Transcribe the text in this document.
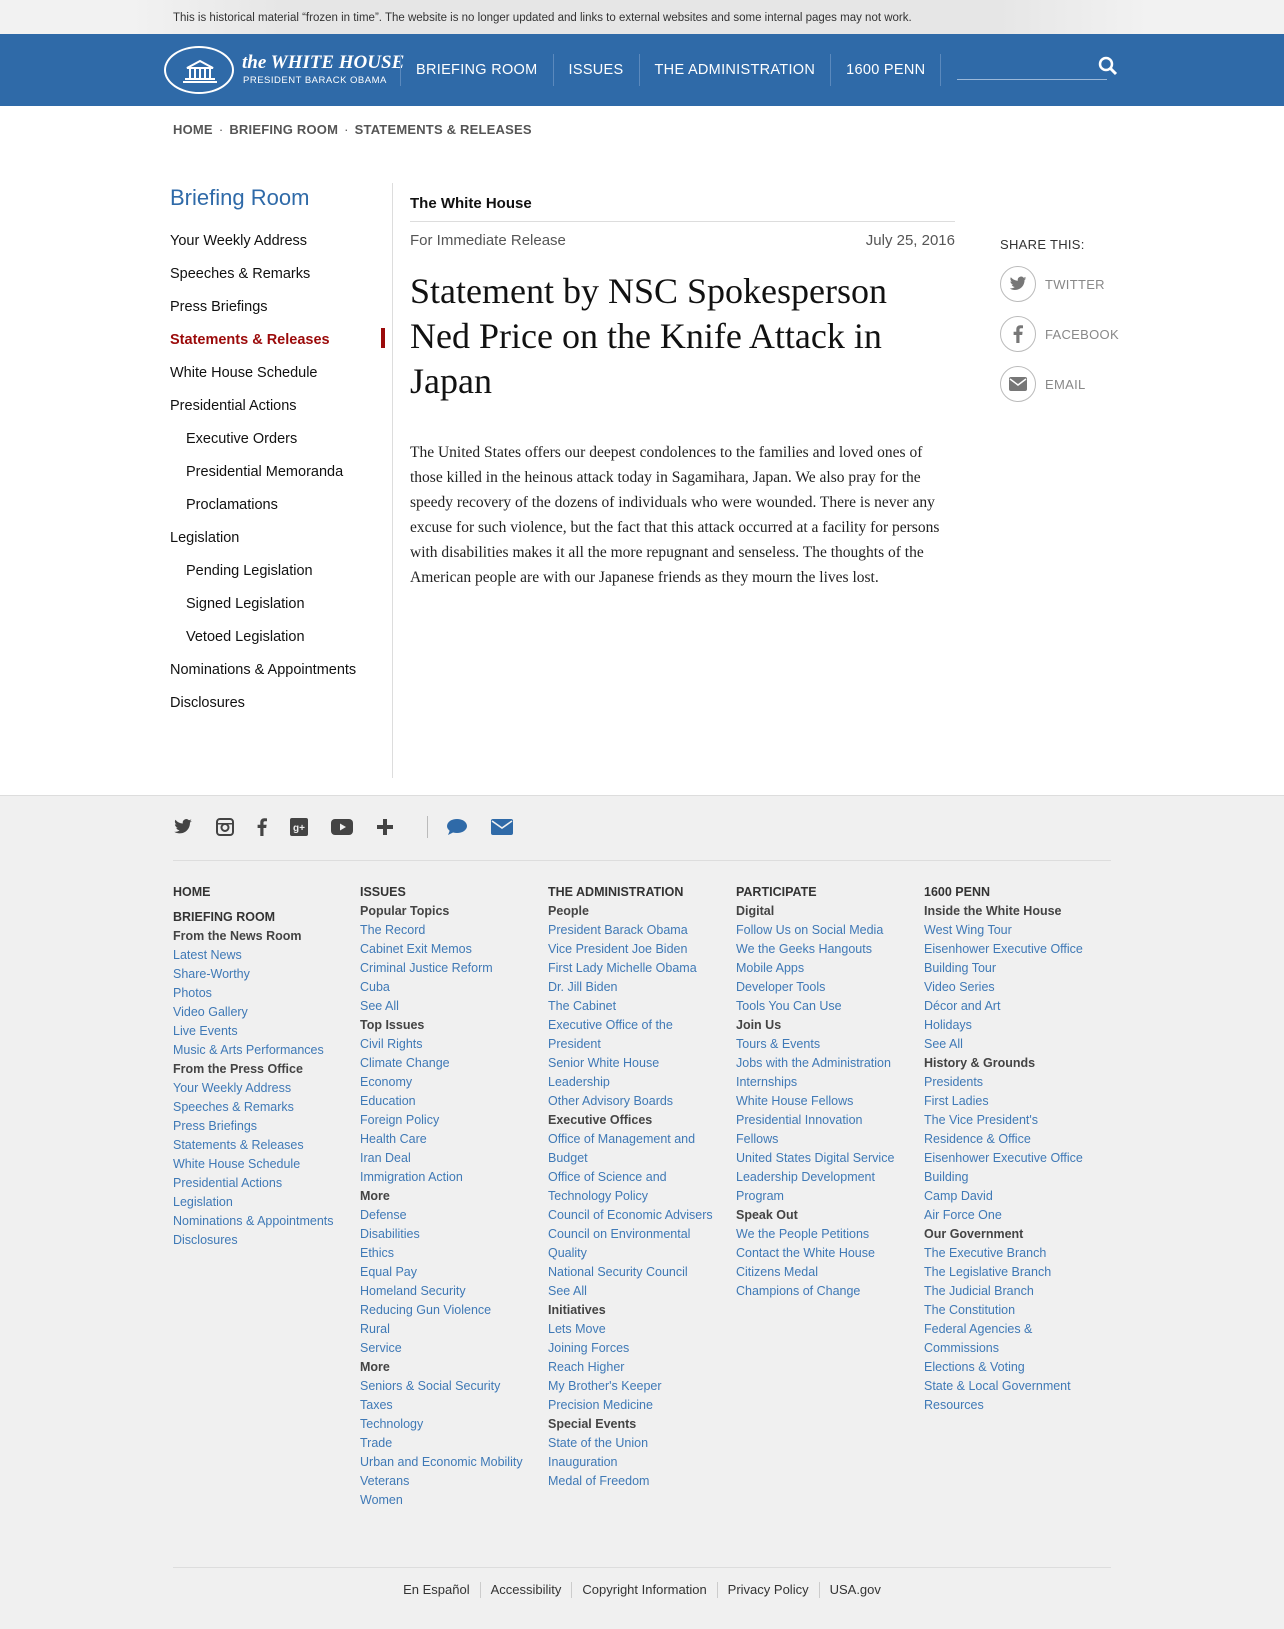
This is historical material “frozen in time”. The website is no longer updated and links to external websites and some internal pages may not work.
the WHITE HOUSE
PRESIDENT BARACK OBAMA
BRIEFING ROOM	ISSUES	THE ADMINISTRATION	1600 PENN
HOME · BRIEFING ROOM · STATEMENTS & RELEASES
Briefing Room
Your Weekly Address
Speeches & Remarks
Press Briefings
Statements & Releases
White House Schedule
Presidential Actions
Executive Orders
Presidential Memoranda
Proclamations
Legislation
Pending Legislation
Signed Legislation
Vetoed Legislation
Nominations & Appointments
Disclosures
The White House
For Immediate Release	July 25, 2016
Statement by NSC Spokesperson Ned Price on the Knife Attack in Japan

The United States offers our deepest condolences to the families and loved ones of those killed in the heinous attack today in Sagamihara, Japan. We also pray for the speedy recovery of the dozens of individuals who were wounded. There is never any excuse for such violence, but the fact that this attack occurred at a facility for persons with disabilities makes it all the more repugnant and senseless. The thoughts of the American people are with our Japanese friends as they mourn the lives lost.

SHARE THIS:
TWITTER
FACEBOOK
EMAIL
g+
HOME
BRIEFING ROOM
From the News Room
Latest News
Share-Worthy
Photos
Video Gallery
Live Events
Music & Arts Performances
From the Press Office
Your Weekly Address
Speeches & Remarks
Press Briefings
Statements & Releases
White House Schedule
Presidential Actions
Legislation
Nominations & Appointments
Disclosures
ISSUES
Popular Topics
The Record
Cabinet Exit Memos
Criminal Justice Reform
Cuba
See All
Top Issues
Civil Rights
Climate Change
Economy
Education
Foreign Policy
Health Care
Iran Deal
Immigration Action
More
Defense
Disabilities
Ethics
Equal Pay
Homeland Security
Reducing Gun Violence
Rural
Service
More
Seniors & Social Security
Taxes
Technology
Trade
Urban and Economic Mobility
Veterans
Women
THE ADMINISTRATION
People
President Barack Obama
Vice President Joe Biden
First Lady Michelle Obama
Dr. Jill Biden
The Cabinet
Executive Office of the President
Senior White House Leadership
Other Advisory Boards
Executive Offices
Office of Management and Budget
Office of Science and Technology Policy
Council of Economic Advisers
Council on Environmental Quality
National Security Council
See All
Initiatives
Lets Move
Joining Forces
Reach Higher
My Brother's Keeper
Precision Medicine
Special Events
State of the Union
Inauguration
Medal of Freedom
PARTICIPATE
Digital
Follow Us on Social Media
We the Geeks Hangouts
Mobile Apps
Developer Tools
Tools You Can Use
Join Us
Tours & Events
Jobs with the Administration
Internships
White House Fellows
Presidential Innovation Fellows
United States Digital Service
Leadership Development Program
Speak Out
We the People Petitions
Contact the White House
Citizens Medal
Champions of Change
1600 PENN
Inside the White House
West Wing Tour
Eisenhower Executive Office Building Tour
Video Series
Décor and Art
Holidays
See All
History & Grounds
Presidents
First Ladies
The Vice President's Residence & Office
Eisenhower Executive Office Building
Camp David
Air Force One
Our Government
The Executive Branch
The Legislative Branch
The Judicial Branch
The Constitution
Federal Agencies & Commissions
Elections & Voting
State & Local Government Resources
En Español	Accessibility	Copyright Information	Privacy Policy	USA.gov
